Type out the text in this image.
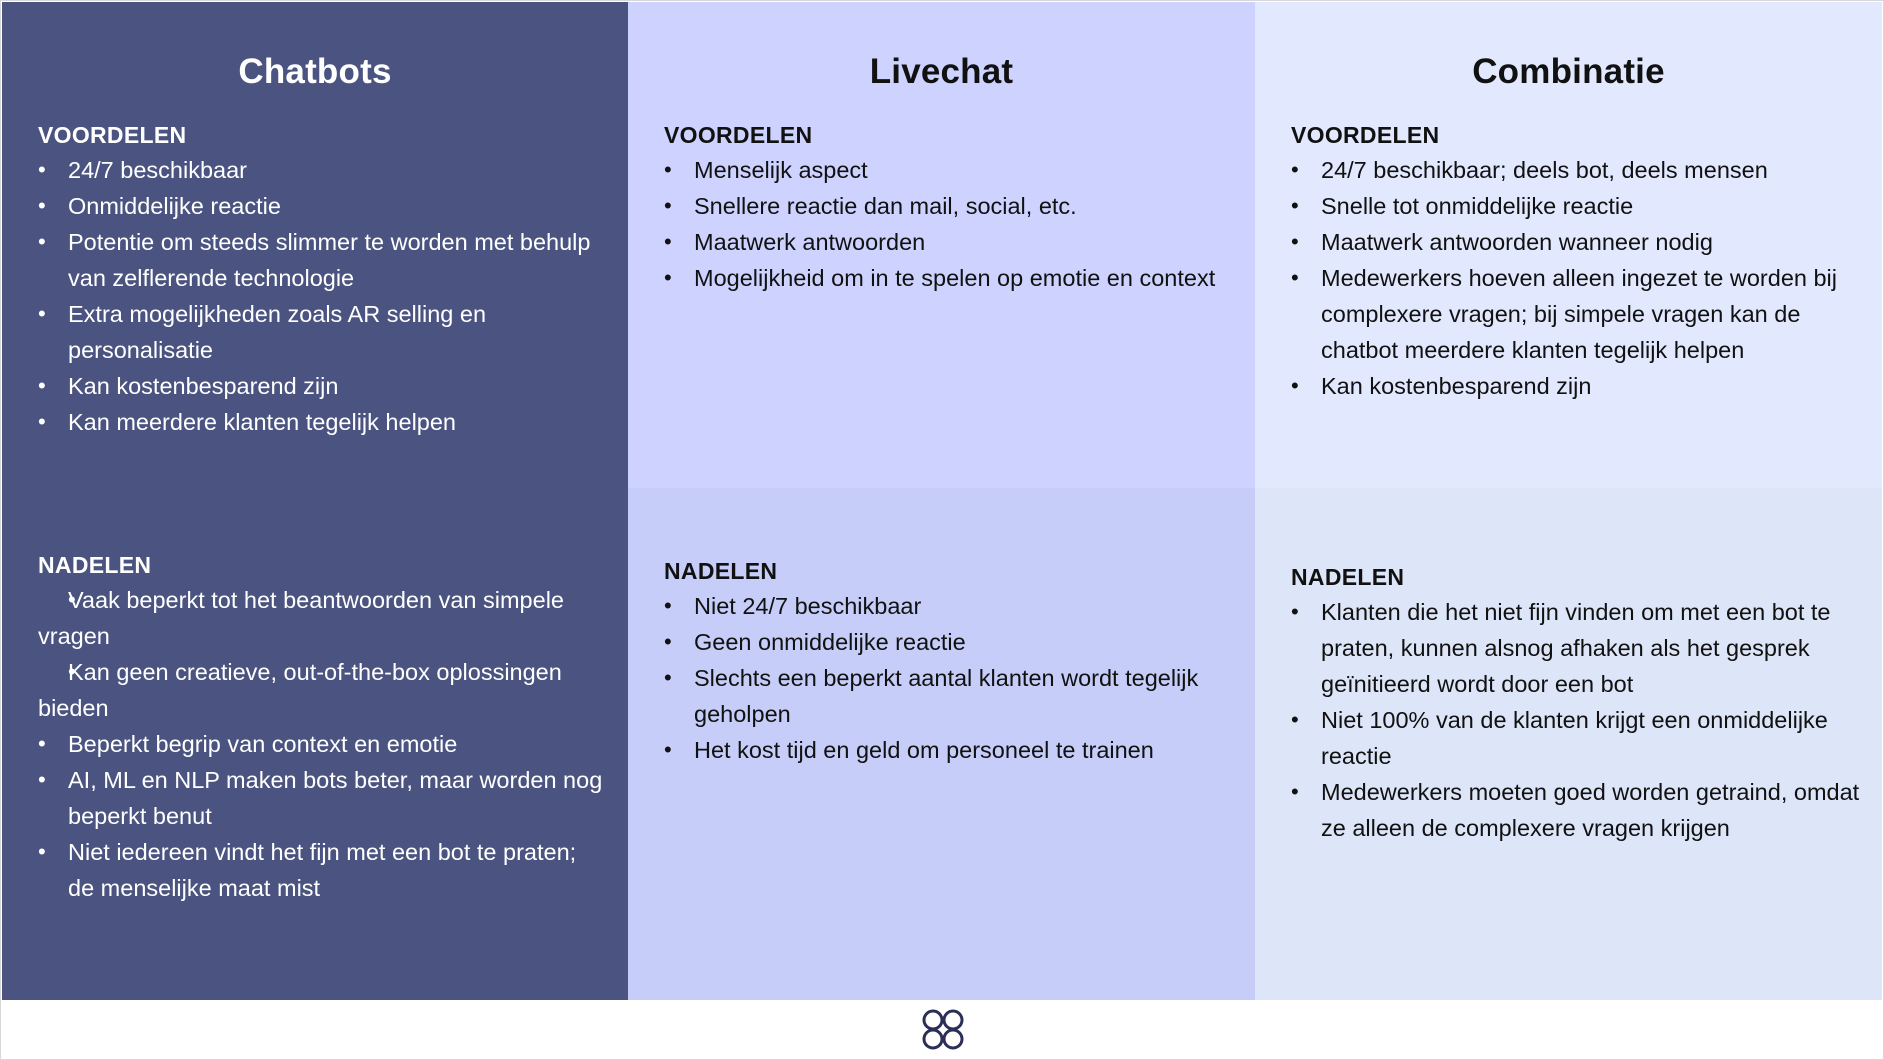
Chatbots
VOORDELEN
• 24/7 beschikbaar
• Onmiddelijke reactie
• Potentie om steeds slimmer te worden met behulp van zelflerende technologie
• Extra mogelijkheden zoals AR selling en personalisatie
• Kan kostenbesparend zijn
• Kan meerdere klanten tegelijk helpen
Livechat
VOORDELEN
• Menselijk aspect
• Snellere reactie dan mail, social, etc.
• Maatwerk antwoorden
• Mogelijkheid om in te spelen op emotie en context
Combinatie
VOORDELEN
• 24/7 beschikbaar; deels bot, deels mensen
• Snelle tot onmiddelijke reactie
• Maatwerk antwoorden wanneer nodig
• Medewerkers hoeven alleen ingezet te worden bij complexere vragen; bij simpele vragen kan de chatbot meerdere klanten tegelijk helpen
• Kan kostenbesparend zijn
NADELEN
• Vaak beperkt tot het beantwoorden van simpele vragen
• Kan geen creatieve, out-of-the-box oplossingen bieden
• Beperkt begrip van context en emotie
• AI, ML en NLP maken bots beter, maar worden nog beperkt benut
• Niet iedereen vindt het fijn met een bot te praten; de menselijke maat mist
NADELEN
• Niet 24/7 beschikbaar
• Geen onmiddelijke reactie
• Slechts een beperkt aantal klanten wordt tegelijk geholpen
• Het kost tijd en geld om personeel te trainen
NADELEN
• Klanten die het niet fijn vinden om met een bot te praten, kunnen alsnog afhaken als het gesprek geïnitieerd wordt door een bot
• Niet 100% van de klanten krijgt een onmiddelijke reactie
• Medewerkers moeten goed worden getraind, omdat ze alleen de complexere vragen krijgen
